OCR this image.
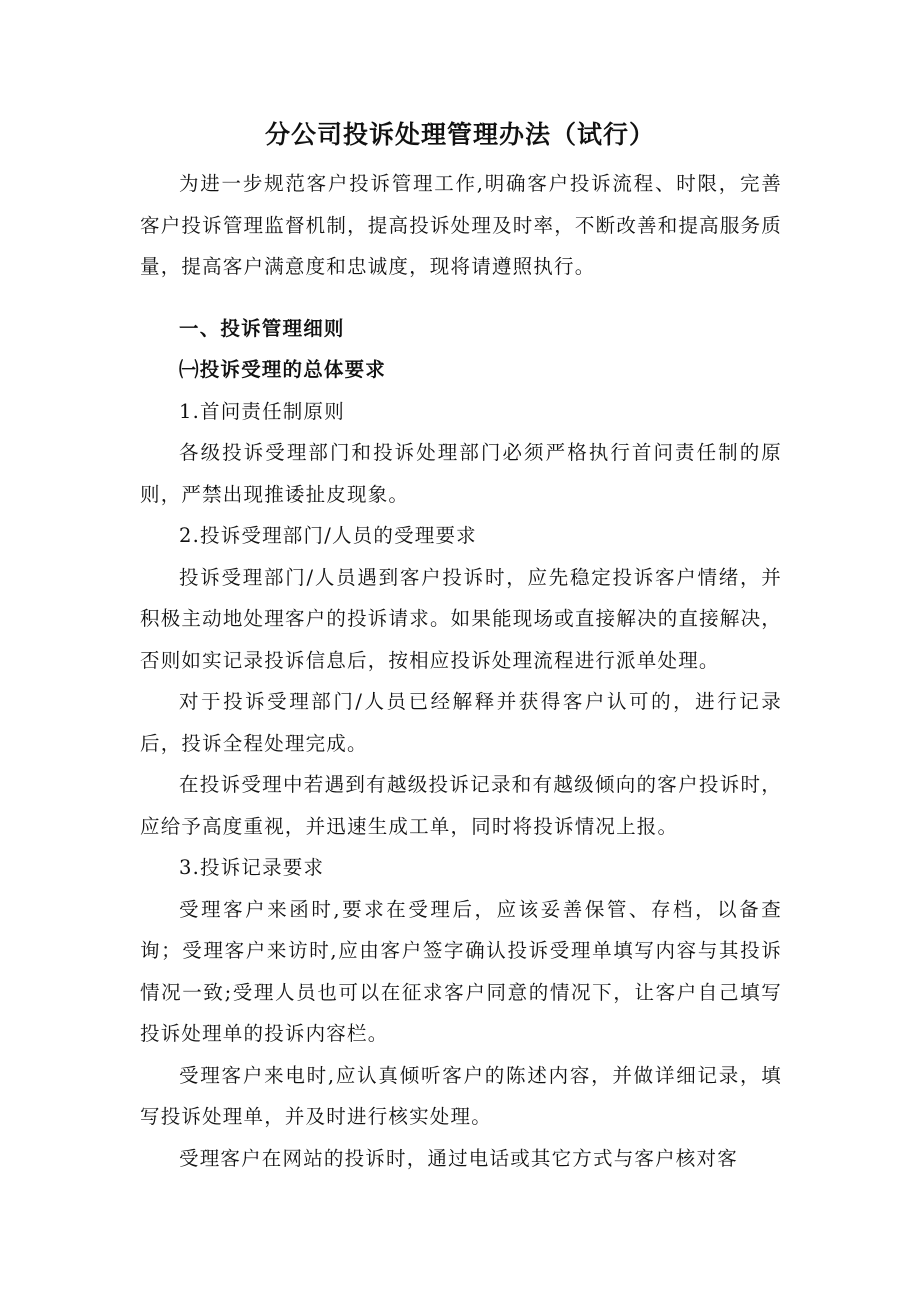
分公司投诉处理管理办法（试行）

为进一步规范客户投诉管理工作,明确客户投诉流程、时限，完善客户投诉管理监督机制，提高投诉处理及时率，不断改善和提高服务质量，提高客户满意度和忠诚度，现将请遵照执行。

一、投诉管理细则

㈠投诉受理的总体要求

1.首问责任制原则

各级投诉受理部门和投诉处理部门必须严格执行首问责任制的原则，严禁出现推诿扯皮现象。

2.投诉受理部门/人员的受理要求

投诉受理部门/人员遇到客户投诉时，应先稳定投诉客户情绪，并积极主动地处理客户的投诉请求。如果能现场或直接解决的直接解决，否则如实记录投诉信息后，按相应投诉处理流程进行派单处理。

对于投诉受理部门/人员已经解释并获得客户认可的，进行记录后，投诉全程处理完成。

在投诉受理中若遇到有越级投诉记录和有越级倾向的客户投诉时，应给予高度重视，并迅速生成工单，同时将投诉情况上报。

3.投诉记录要求

受理客户来函时,要求在受理后，应该妥善保管、存档，以备查询；受理客户来访时,应由客户签字确认投诉受理单填写内容与其投诉情况一致;受理人员也可以在征求客户同意的情况下，让客户自己填写投诉处理单的投诉内容栏。

受理客户来电时,应认真倾听客户的陈述内容，并做详细记录，填写投诉处理单，并及时进行核实处理。

受理客户在网站的投诉时，通过电话或其它方式与客户核对客
